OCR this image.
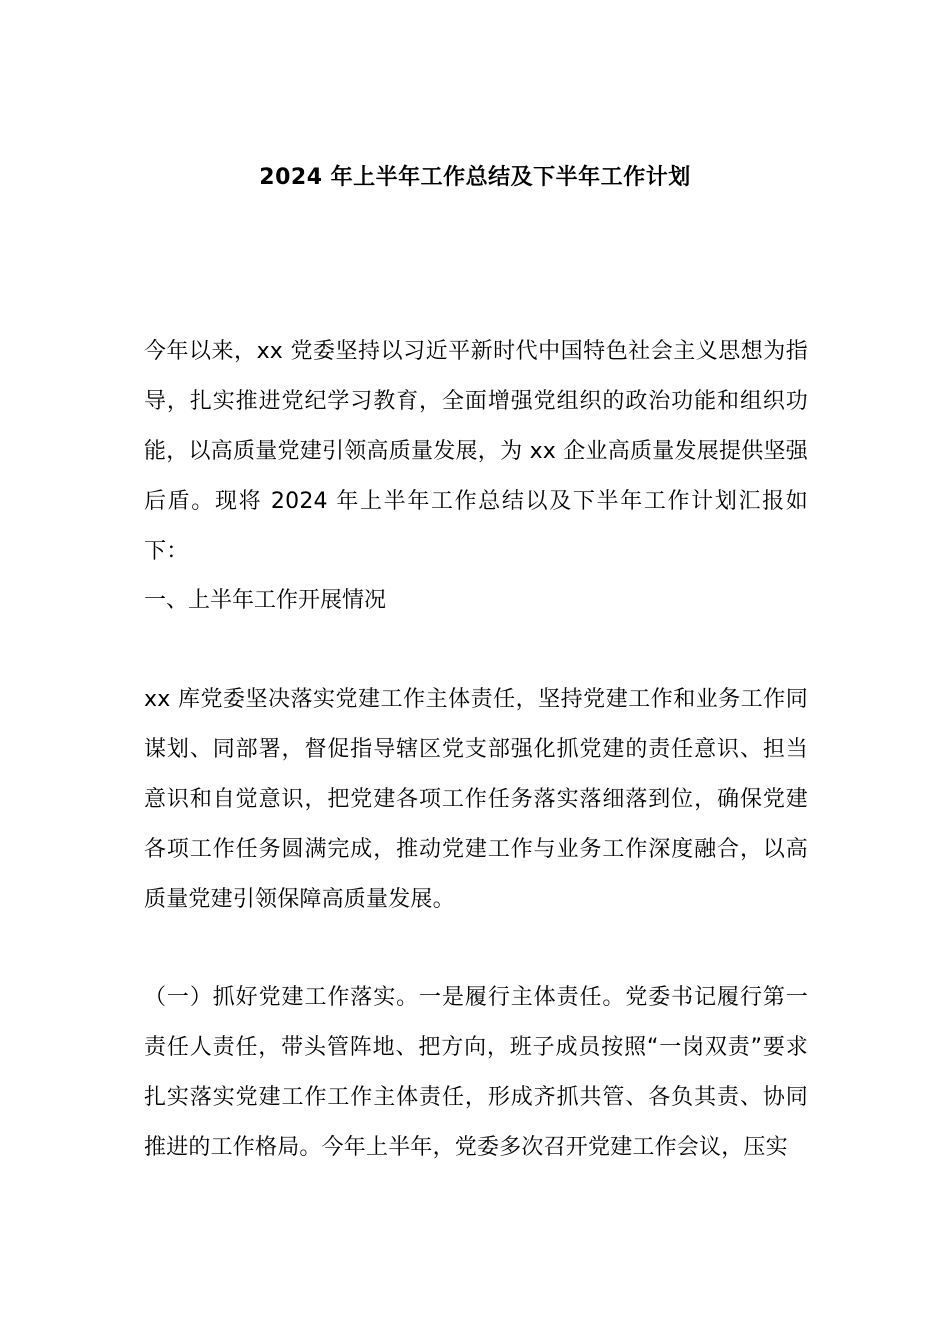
2024 年上半年工作总结及下半年工作计划

今年以来，xx 党委坚持以习近平新时代中国特色社会主义思想为指导，扎实推进党纪学习教育，全面增强党组织的政治功能和组织功能，以高质量党建引领高质量发展，为 xx 企业高质量发展提供坚强后盾。现将 2024 年上半年工作总结以及下半年工作计划汇报如下：

一、上半年工作开展情况

xx 库党委坚决落实党建工作主体责任，坚持党建工作和业务工作同谋划、同部署，督促指导辖区党支部强化抓党建的责任意识、担当意识和自觉意识，把党建各项工作任务落实落细落到位，确保党建各项工作任务圆满完成，推动党建工作与业务工作深度融合，以高质量党建引领保障高质量发展。

（一）抓好党建工作落实。一是履行主体责任。党委书记履行第一责任人责任，带头管阵地、把方向，班子成员按照“一岗双责”要求扎实落实党建工作工作主体责任，形成齐抓共管、各负其责、协同推进的工作格局。今年上半年，党委多次召开党建工作会议，压实
